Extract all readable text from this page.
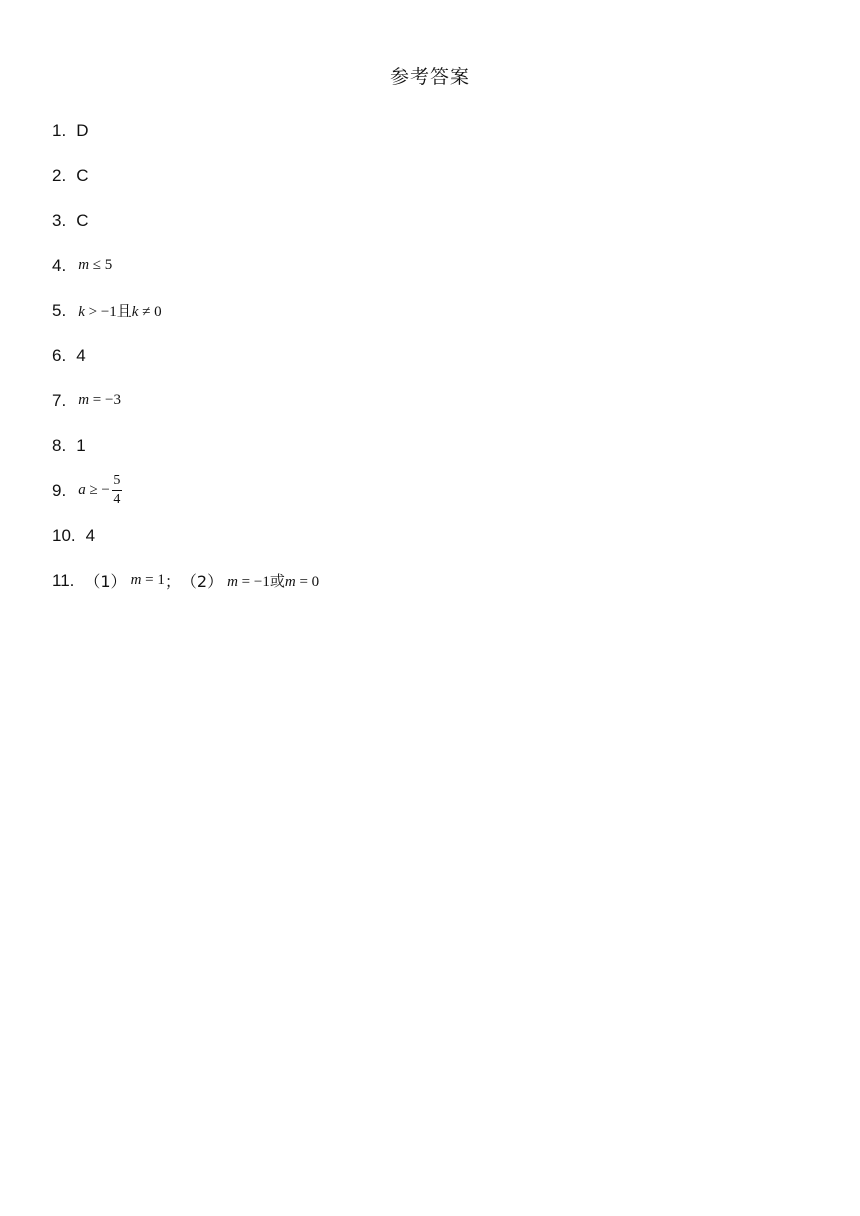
参考答案
1. D
2. C
3. C
4. m ≤ 5
5. k > −1且k ≠ 0
6. 4
7. m = −3
8. 1
9. a ≥ − $\frac{5}{4}$
10. 4
11. （1） m = 1 ； （2） m = −1或m = 0
